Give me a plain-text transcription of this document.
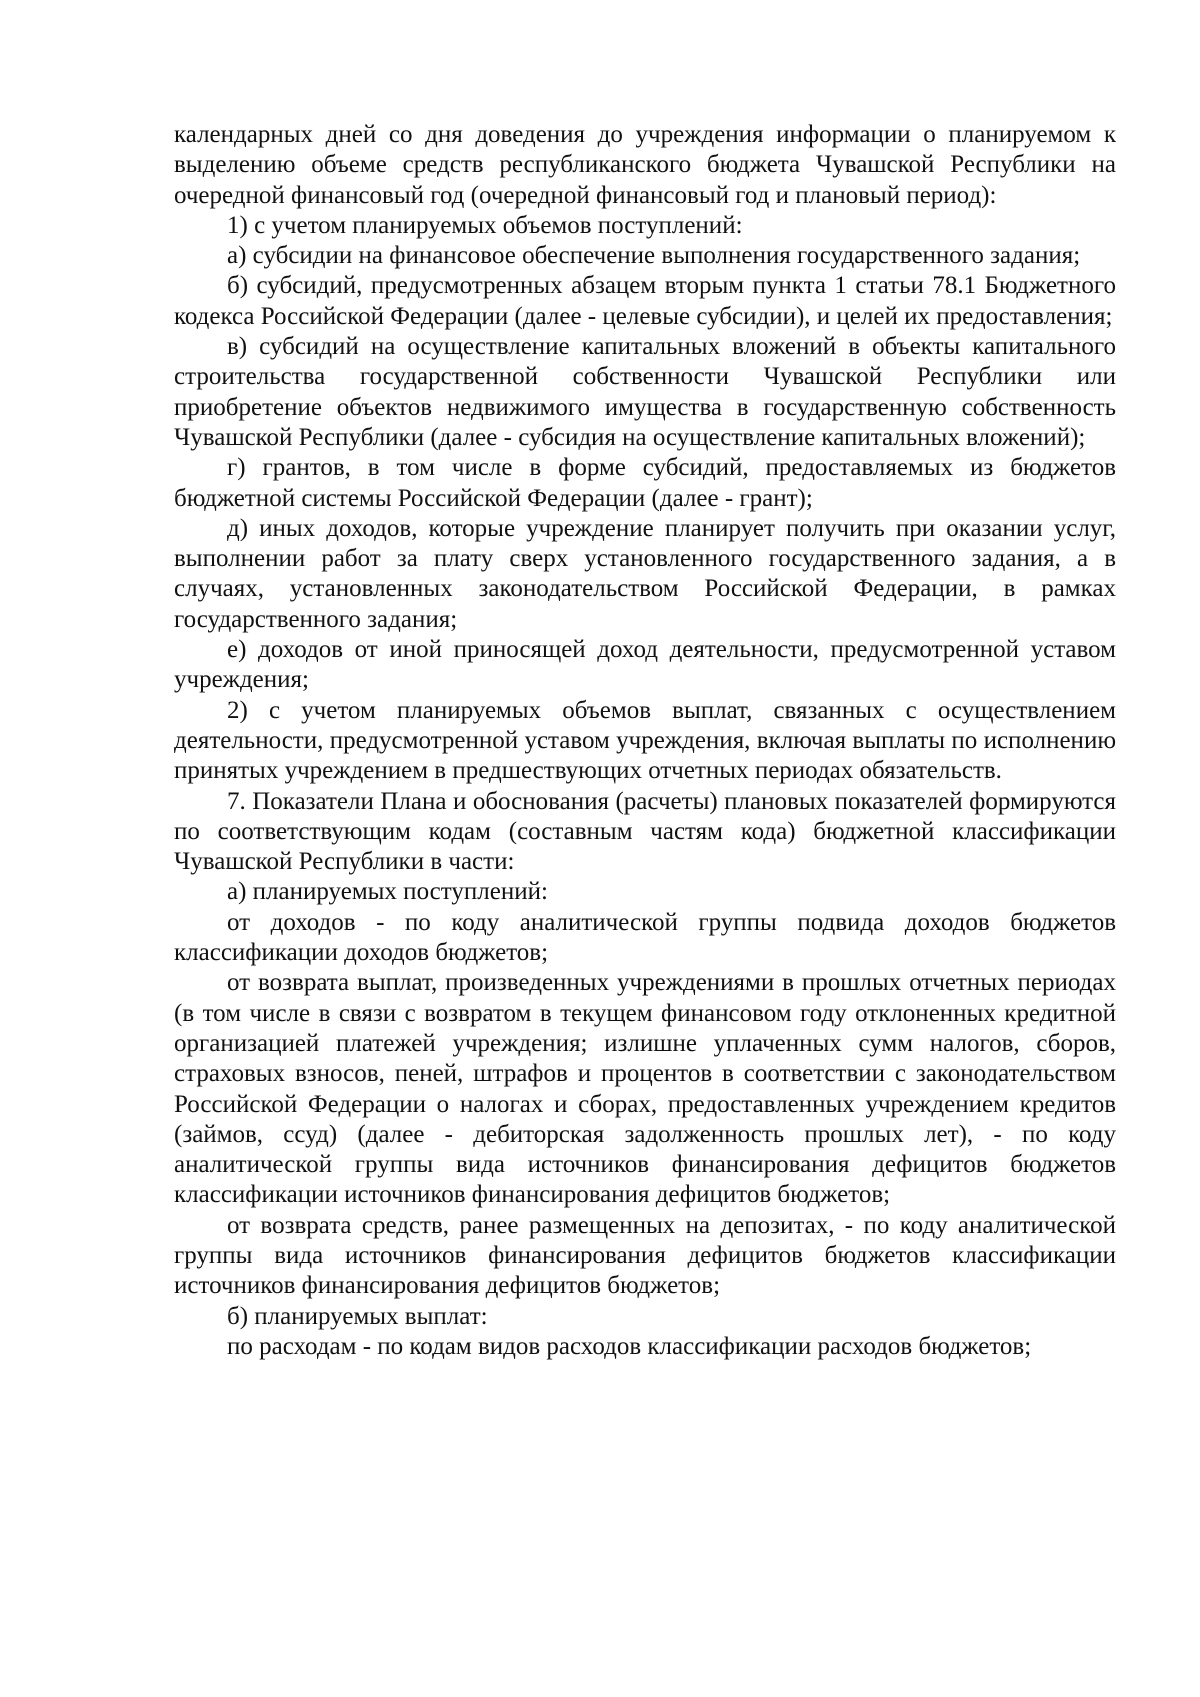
календарных дней со дня доведения до учреждения информации о планируемом к выделению объеме средств республиканского бюджета Чувашской Республики на очередной финансовый год (очередной финансовый год и плановый период):

1) с учетом планируемых объемов поступлений:

а) субсидии на финансовое обеспечение выполнения государственного задания;

б) субсидий, предусмотренных абзацем вторым пункта 1 статьи 78.1 Бюджетного кодекса Российской Федерации (далее - целевые субсидии), и целей их предоставления;

в) субсидий на осуществление капитальных вложений в объекты капитального строительства государственной собственности Чувашской Республики или приобретение объектов недвижимого имущества в государственную собственность Чувашской Республики (далее - субсидия на осуществление капитальных вложений);

г) грантов, в том числе в форме субсидий, предоставляемых из бюджетов бюджетной системы Российской Федерации (далее - грант);

д) иных доходов, которые учреждение планирует получить при оказании услуг, выполнении работ за плату сверх установленного государственного задания, а в случаях, установленных законодательством Российской Федерации, в рамках государственного задания;

е) доходов от иной приносящей доход деятельности, предусмотренной уставом учреждения;

2) с учетом планируемых объемов выплат, связанных с осуществлением деятельности, предусмотренной уставом учреждения, включая выплаты по исполнению принятых учреждением в предшествующих отчетных периодах обязательств.

7. Показатели Плана и обоснования (расчеты) плановых показателей формируются по соответствующим кодам (составным частям кода) бюджетной классификации Чувашской Республики в части:

а) планируемых поступлений:

от доходов - по коду аналитической группы подвида доходов бюджетов классификации доходов бюджетов;

от возврата выплат, произведенных учреждениями в прошлых отчетных периодах (в том числе в связи с возвратом в текущем финансовом году отклоненных кредитной организацией платежей учреждения; излишне уплаченных сумм налогов, сборов, страховых взносов, пеней, штрафов и процентов в соответствии с законодательством Российской Федерации о налогах и сборах, предоставленных учреждением кредитов (займов, ссуд) (далее - дебиторская задолженность прошлых лет), - по коду аналитической группы вида источников финансирования дефицитов бюджетов классификации источников финансирования дефицитов бюджетов;

от возврата средств, ранее размещенных на депозитах, - по коду аналитической группы вида источников финансирования дефицитов бюджетов классификации источников финансирования дефицитов бюджетов;

б) планируемых выплат:

по расходам - по кодам видов расходов классификации расходов бюджетов;
